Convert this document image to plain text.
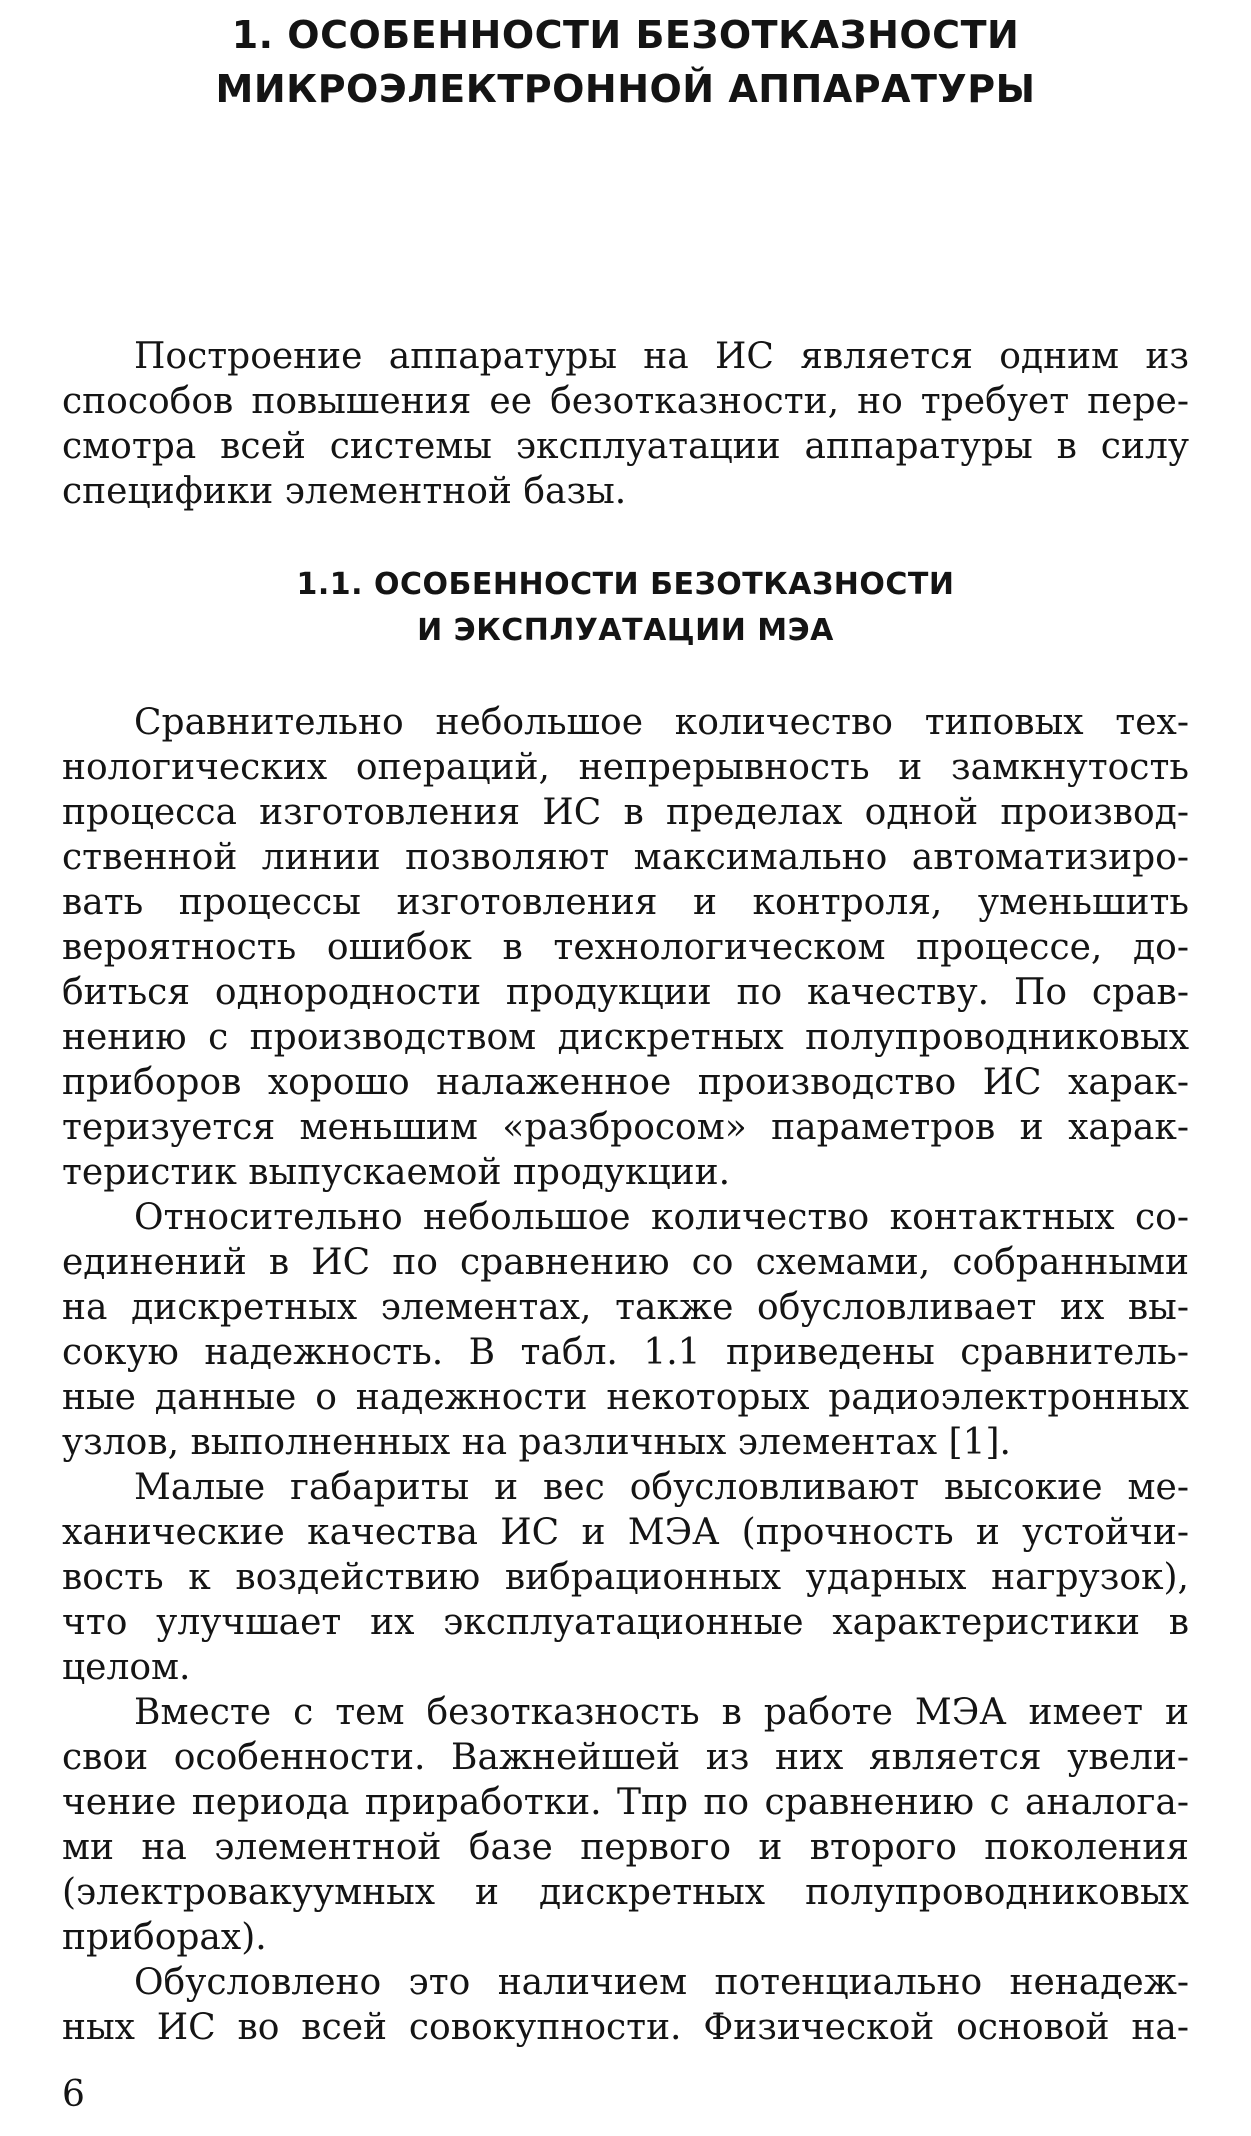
1. ОСОБЕННОСТИ БЕЗОТКАЗНОСТИ
МИКРОЭЛЕКТРОННОЙ АППАРАТУРЫ
Построение аппаратуры на ИС является одним из
способов повышения ее безотказности, но требует пере-
смотра всей системы эксплуатации аппаратуры в силу
специфики элементной базы.
1.1. ОСОБЕННОСТИ БЕЗОТКАЗНОСТИ
И ЭКСПЛУАТАЦИИ МЭА
Сравнительно небольшое количество типовых тех-
нологических операций, непрерывность и замкнутость
процесса изготовления ИС в пределах одной производ-
ственной линии позволяют максимально автоматизиро-
вать процессы изготовления и контроля, уменьшить
вероятность ошибок в технологическом процессе, до-
биться однородности продукции по качеству. По срав-
нению с производством дискретных полупроводниковых
приборов хорошо налаженное производство ИС харак-
теризуется меньшим «разбросом» параметров и харак-
теристик выпускаемой продукции.
Относительно небольшое количество контактных со-
единений в ИС по сравнению со схемами, собранными
на дискретных элементах, также обусловливает их вы-
сокую надежность. В табл. 1.1 приведены сравнитель-
ные данные о надежности некоторых радиоэлектронных
узлов, выполненных на различных элементах [1].
Малые габариты и вес обусловливают высокие ме-
ханические качества ИС и МЭА (прочность и устойчи-
вость к воздействию вибрационных ударных нагрузок),
что улучшает их эксплуатационные характеристики в
целом.
Вместе с тем безотказность в работе МЭА имеет и
свои особенности. Важнейшей из них является увели-
чение периода приработки. Tпр по сравнению с аналога-
ми на элементной базе первого и второго поколения
(электровакуумных и дискретных полупроводниковых
приборах).
Обусловлено это наличием потенциально ненадеж-
ных ИС во всей совокупности. Физической основой на-
6
